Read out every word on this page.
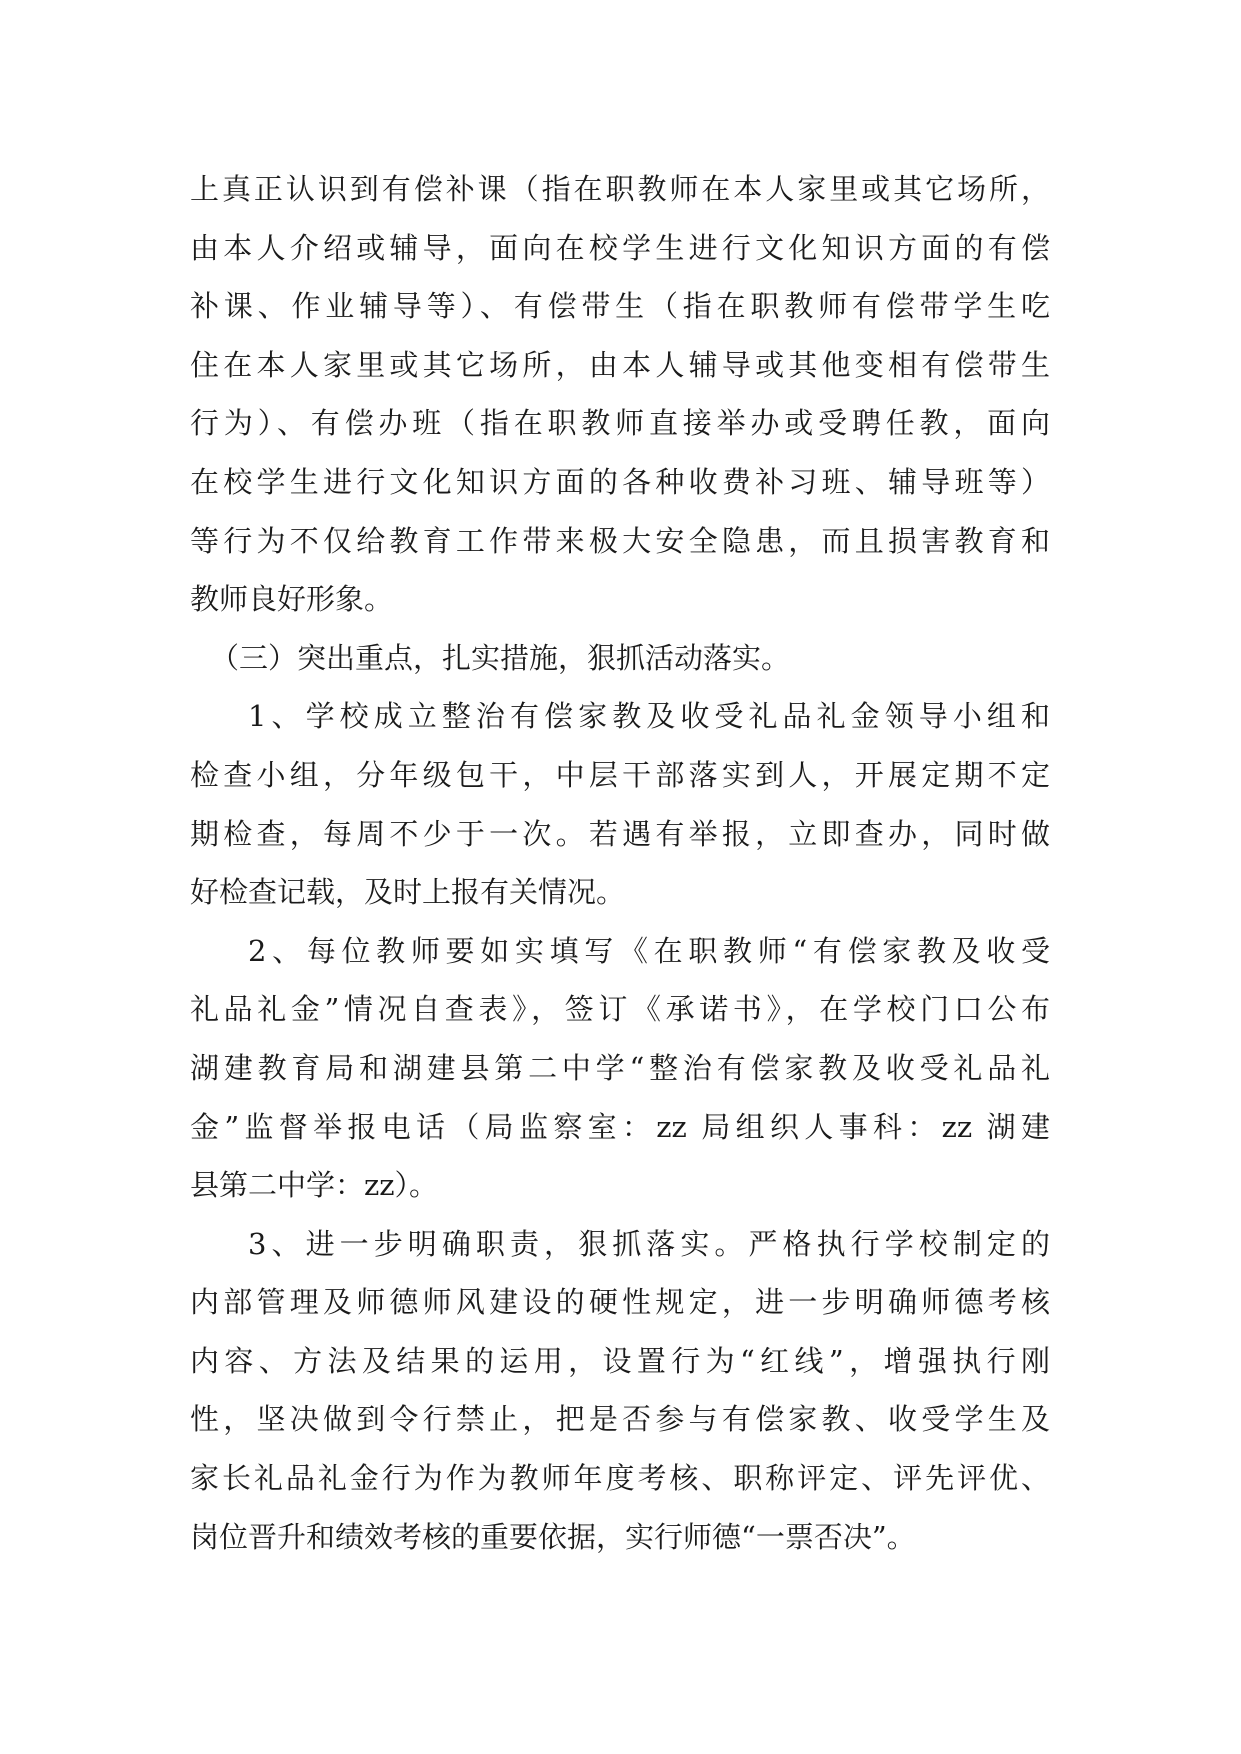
上真正认识到有偿补课（指在职教师在本人家里或其它场所，
由本人介绍或辅导，面向在校学生进行文化知识方面的有偿
补课、作业辅导等）、有偿带生（指在职教师有偿带学生吃
住在本人家里或其它场所，由本人辅导或其他变相有偿带生
行为）、有偿办班（指在职教师直接举办或受聘任教，面向
在校学生进行文化知识方面的各种收费补习班、辅导班等）
等行为不仅给教育工作带来极大安全隐患，而且损害教育和
教师良好形象。
（三）突出重点，扎实措施，狠抓活动落实。
1、学校成立整治有偿家教及收受礼品礼金领导小组和
检查小组，分年级包干，中层干部落实到人，开展定期不定
期检查，每周不少于一次。若遇有举报，立即查办，同时做
好检查记载，及时上报有关情况。
2、每位教师要如实填写《在职教师“有偿家教及收受
礼品礼金”情况自查表》，签订《承诺书》，在学校门口公布
湖建教育局和湖建县第二中学“整治有偿家教及收受礼品礼
金”监督举报电话（局监察室：zz 局组织人事科：zz 湖建
县第二中学：zz）。
3、进一步明确职责，狠抓落实。严格执行学校制定的
内部管理及师德师风建设的硬性规定，进一步明确师德考核
内容、方法及结果的运用，设置行为“红线”，增强执行刚
性，坚决做到令行禁止，把是否参与有偿家教、收受学生及
家长礼品礼金行为作为教师年度考核、职称评定、评先评优、
岗位晋升和绩效考核的重要依据，实行师德“一票否决”。
